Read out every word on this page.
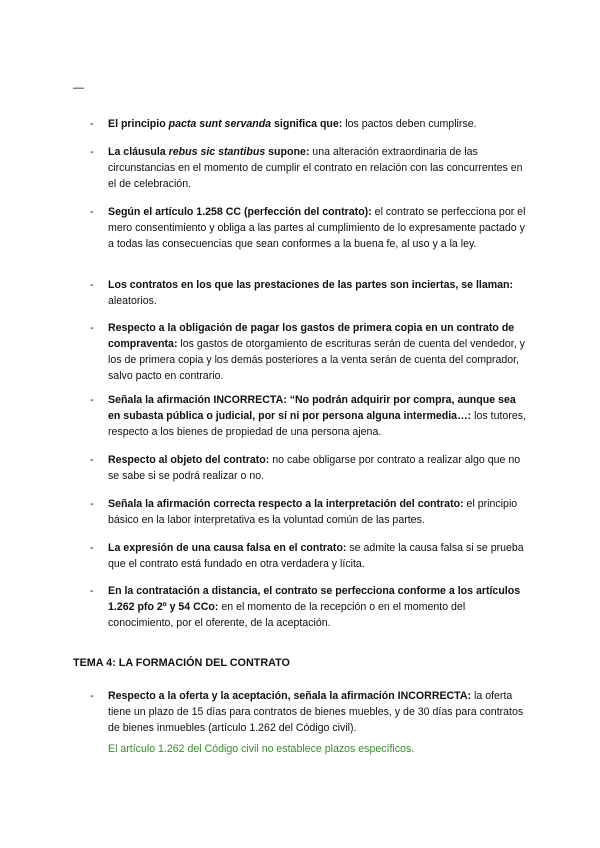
—
- El principio pacta sunt servanda significa que: los pactos deben cumplirse.
- La cláusula rebus sic stantibus supone: una alteración extraordinaria de las circunstancias en el momento de cumplir el contrato en relación con las concurrentes en el de celebración.
- Según el artículo 1.258 CC (perfección del contrato): el contrato se perfecciona por el mero consentimiento y obliga a las partes al cumplimiento de lo expresamente pactado y a todas las consecuencias que sean conformes a la buena fe, al uso y a la ley.
- Los contratos en los que las prestaciones de las partes son inciertas, se llaman: aleatorios.
- Respecto a la obligación de pagar los gastos de primera copia en un contrato de compraventa: los gastos de otorgamiento de escrituras serán de cuenta del vendedor, y los de primera copia y los demás posteriores a la venta serán de cuenta del comprador, salvo pacto en contrario.
- Señala la afirmación INCORRECTA: “No podrán adquirir por compra, aunque sea en subasta pública o judicial, por sí ni por persona alguna intermedia…: los tutores, respecto a los bienes de propiedad de una persona ajena.
- Respecto al objeto del contrato: no cabe obligarse por contrato a realizar algo que no se sabe si se podrá realizar o no.
- Señala la afirmación correcta respecto a la interpretación del contrato: el principio básico en la labor interpretativa es la voluntad común de las partes.
- La expresión de una causa falsa en el contrato: se admite la causa falsa si se prueba que el contrato está fundado en otra verdadera y lícita.
- En la contratación a distancia, el contrato se perfecciona conforme a los artículos 1.262 pfo 2º y 54 CCo: en el momento de la recepción o en el momento del conocimiento, por el oferente, de la aceptación.
TEMA 4: LA FORMACIÓN DEL CONTRATO
- Respecto a la oferta y la aceptación, señala la afirmación INCORRECTA: la oferta tiene un plazo de 15 días para contratos de bienes muebles, y de 30 días para contratos de bienes inmuebles (artículo 1.262 del Código civil).
El artículo 1.262 del Código civil no establece plazos específicos.
